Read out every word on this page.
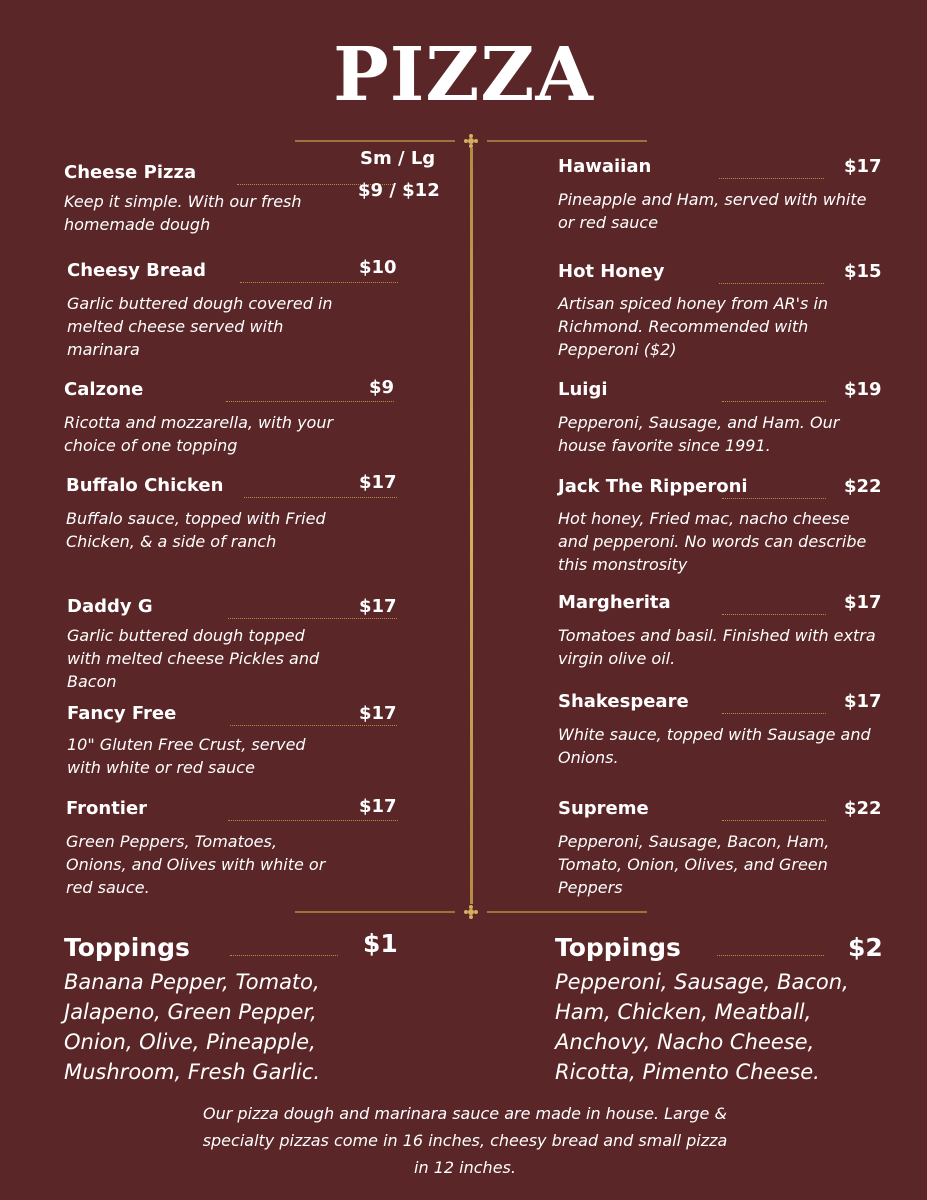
PIZZA
Sm / Lg
Cheese Pizza
$9 / $12
Keep it simple. With our fresh homemade dough
Cheesy Bread	$10
Garlic buttered dough covered in melted cheese served with marinara
Calzone	$9
Ricotta and mozzarella, with your choice of one topping
Buffalo Chicken	$17
Buffalo sauce, topped with Fried Chicken, & a side of ranch
Daddy G	$17
Garlic buttered dough topped with melted cheese Pickles and Bacon
Fancy Free	$17
10" Gluten Free Crust, served with white or red sauce
Frontier	$17
Green Peppers, Tomatoes, Onions, and Olives with white or red sauce.
Hawaiian	$17
Pineapple and Ham, served with white or red sauce
Hot Honey	$15
Artisan spiced honey from AR's in Richmond. Recommended with Pepperoni ($2)
Luigi	$19
Pepperoni, Sausage, and Ham. Our house favorite since 1991.
Jack The Ripperoni	$22
Hot honey, Fried mac, nacho cheese and pepperoni. No words can describe this monstrosity
Margherita	$17
Tomatoes and basil. Finished with extra virgin olive oil.
Shakespeare	$17
White sauce, topped with Sausage and Onions.
Supreme	$22
Pepperoni, Sausage, Bacon, Ham, Tomato, Onion, Olives, and Green Peppers
Toppings	$1
Banana Pepper, Tomato, Jalapeno, Green Pepper, Onion, Olive, Pineapple, Mushroom, Fresh Garlic.
Toppings	$2
Pepperoni, Sausage, Bacon, Ham, Chicken, Meatball, Anchovy, Nacho Cheese, Ricotta, Pimento Cheese.
Our pizza dough and marinara sauce are made in house. Large & specialty pizzas come in 16 inches, cheesy bread and small pizza in 12 inches.
